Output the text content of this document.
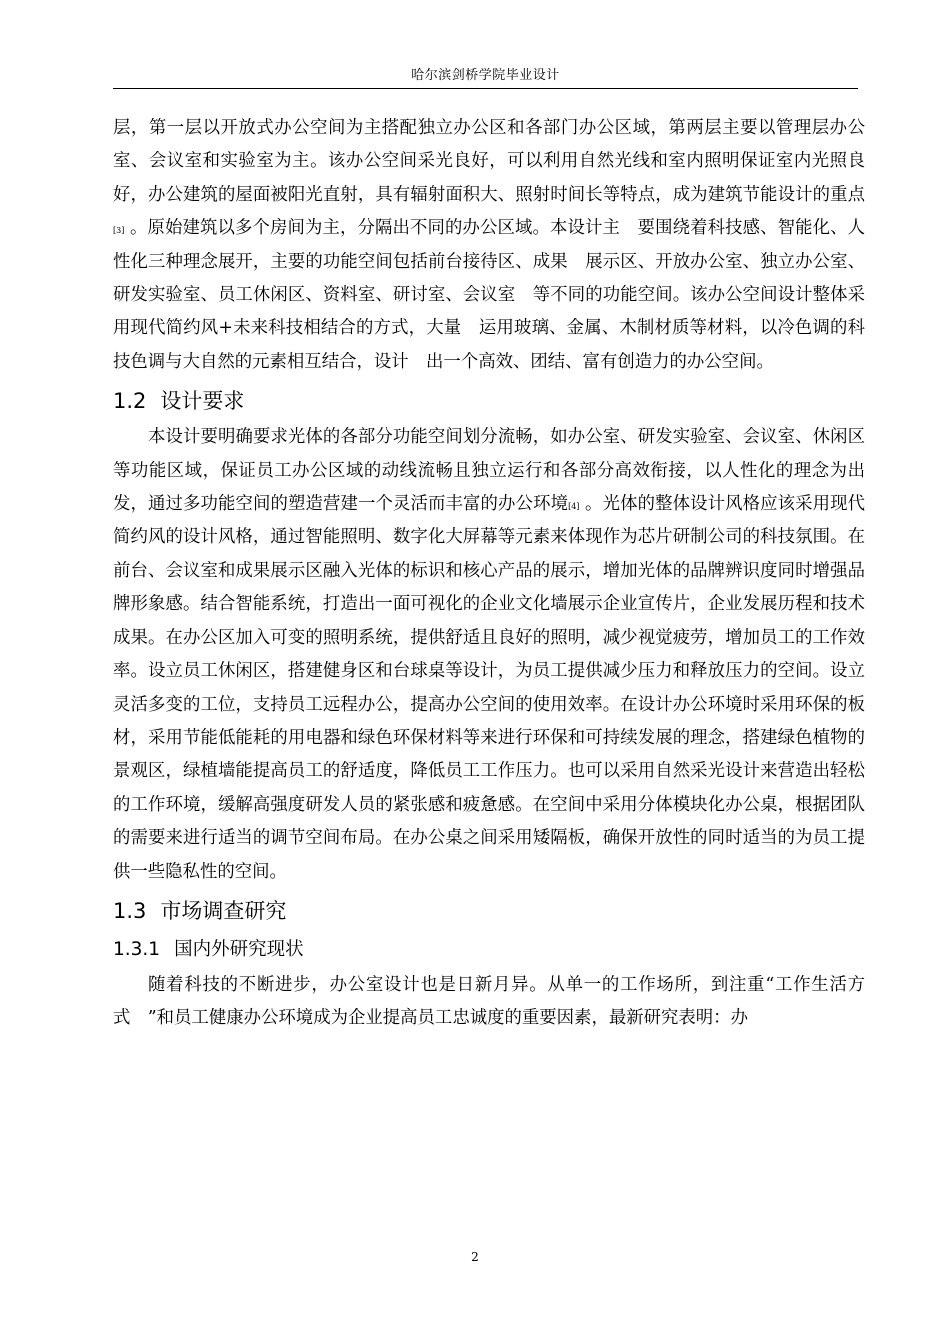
哈尔滨剑桥学院毕业设计

层，第一层以开放式办公空间为主搭配独立办公区和各部门办公区域，第两层主要以管理层办公室、会议室和实验室为主。该办公空间采光良好，可以利用自然光线和室内照明保证室内光照良好，办公建筑的屋面被阳光直射，具有辐射面积大、照射时间长等特点，成为建筑节能设计的重点[3] 。原始建筑以多个房间为主，分隔出不同的办公区域。本设计主　要围绕着科技感、智能化、人性化三种理念展开，主要的功能空间包括前台接待区、成果　展示区、开放办公室、独立办公室、研发实验室、员工休闲区、资料室、研讨室、会议室　等不同的功能空间。该办公空间设计整体采用现代简约风+未来科技相结合的方式，大量　运用玻璃、金属、木制材质等材料，以冷色调的科技色调与大自然的元素相互结合，设计　出一个高效、团结、富有创造力的办公空间。

1.2 设计要求

本设计要明确要求光体的各部分功能空间划分流畅，如办公室、研发实验室、会议室、休闲区等功能区域，保证员工办公区域的动线流畅且独立运行和各部分高效衔接，以人性化的理念为出发，通过多功能空间的塑造营建一个灵活而丰富的办公环境[4] 。光体的整体设计风格应该采用现代简约风的设计风格，通过智能照明、数字化大屏幕等元素来体现作为芯片研制公司的科技氛围。在前台、会议室和成果展示区融入光体的标识和核心产品的展示，增加光体的品牌辨识度同时增强品牌形象感。结合智能系统，打造出一面可视化的企业文化墙展示企业宣传片，企业发展历程和技术成果。在办公区加入可变的照明系统，提供舒适且良好的照明，减少视觉疲劳，增加员工的工作效率。设立员工休闲区，搭建健身区和台球桌等设计，为员工提供减少压力和释放压力的空间。设立灵活多变的工位，支持员工远程办公，提高办公空间的使用效率。在设计办公环境时采用环保的板材，采用节能低能耗的用电器和绿色环保材料等来进行环保和可持续发展的理念，搭建绿色植物的景观区，绿植墙能提高员工的舒适度，降低员工工作压力。也可以采用自然采光设计来营造出轻松的工作环境，缓解高强度研发人员的紧张感和疲惫感。在空间中采用分体模块化办公桌，根据团队的需要来进行适当的调节空间布局。在办公桌之间采用矮隔板，确保开放性的同时适当的为员工提供一些隐私性的空间。

1.3 市场调查研究
1.3.1 国内外研究现状

随着科技的不断进步，办公室设计也是日新月异。从单一的工作场所，到注重“工作生活方式　”和员工健康办公环境成为企业提高员工忠诚度的重要因素，最新研究表明：办

2
